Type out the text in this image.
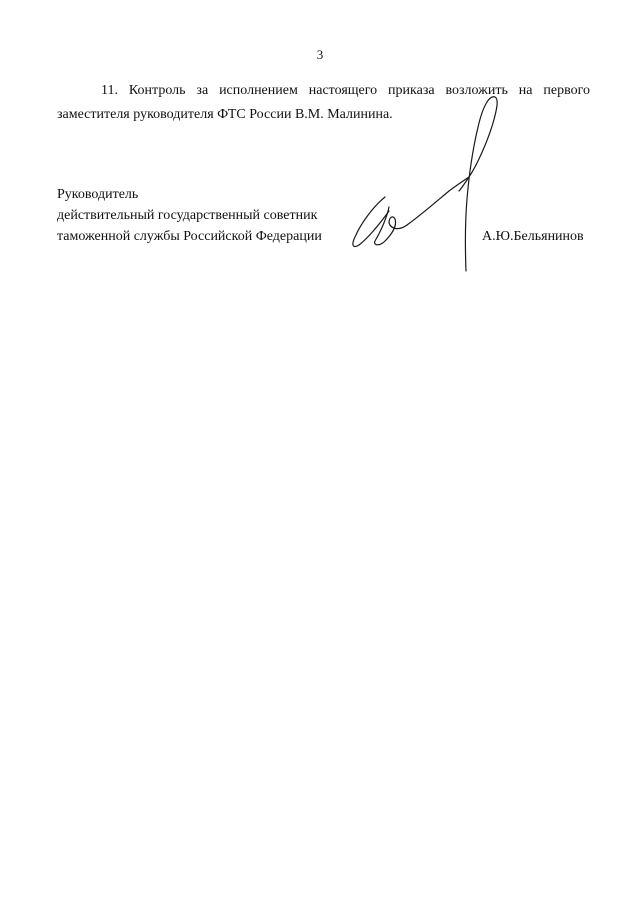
3
11. Контроль за исполнением настоящего приказа возложить на первого заместителя руководителя ФТС России В.М. Малинина.
Руководитель
действительный государственный советник
таможенной службы Российской Федерации	А.Ю.Бельянинов
